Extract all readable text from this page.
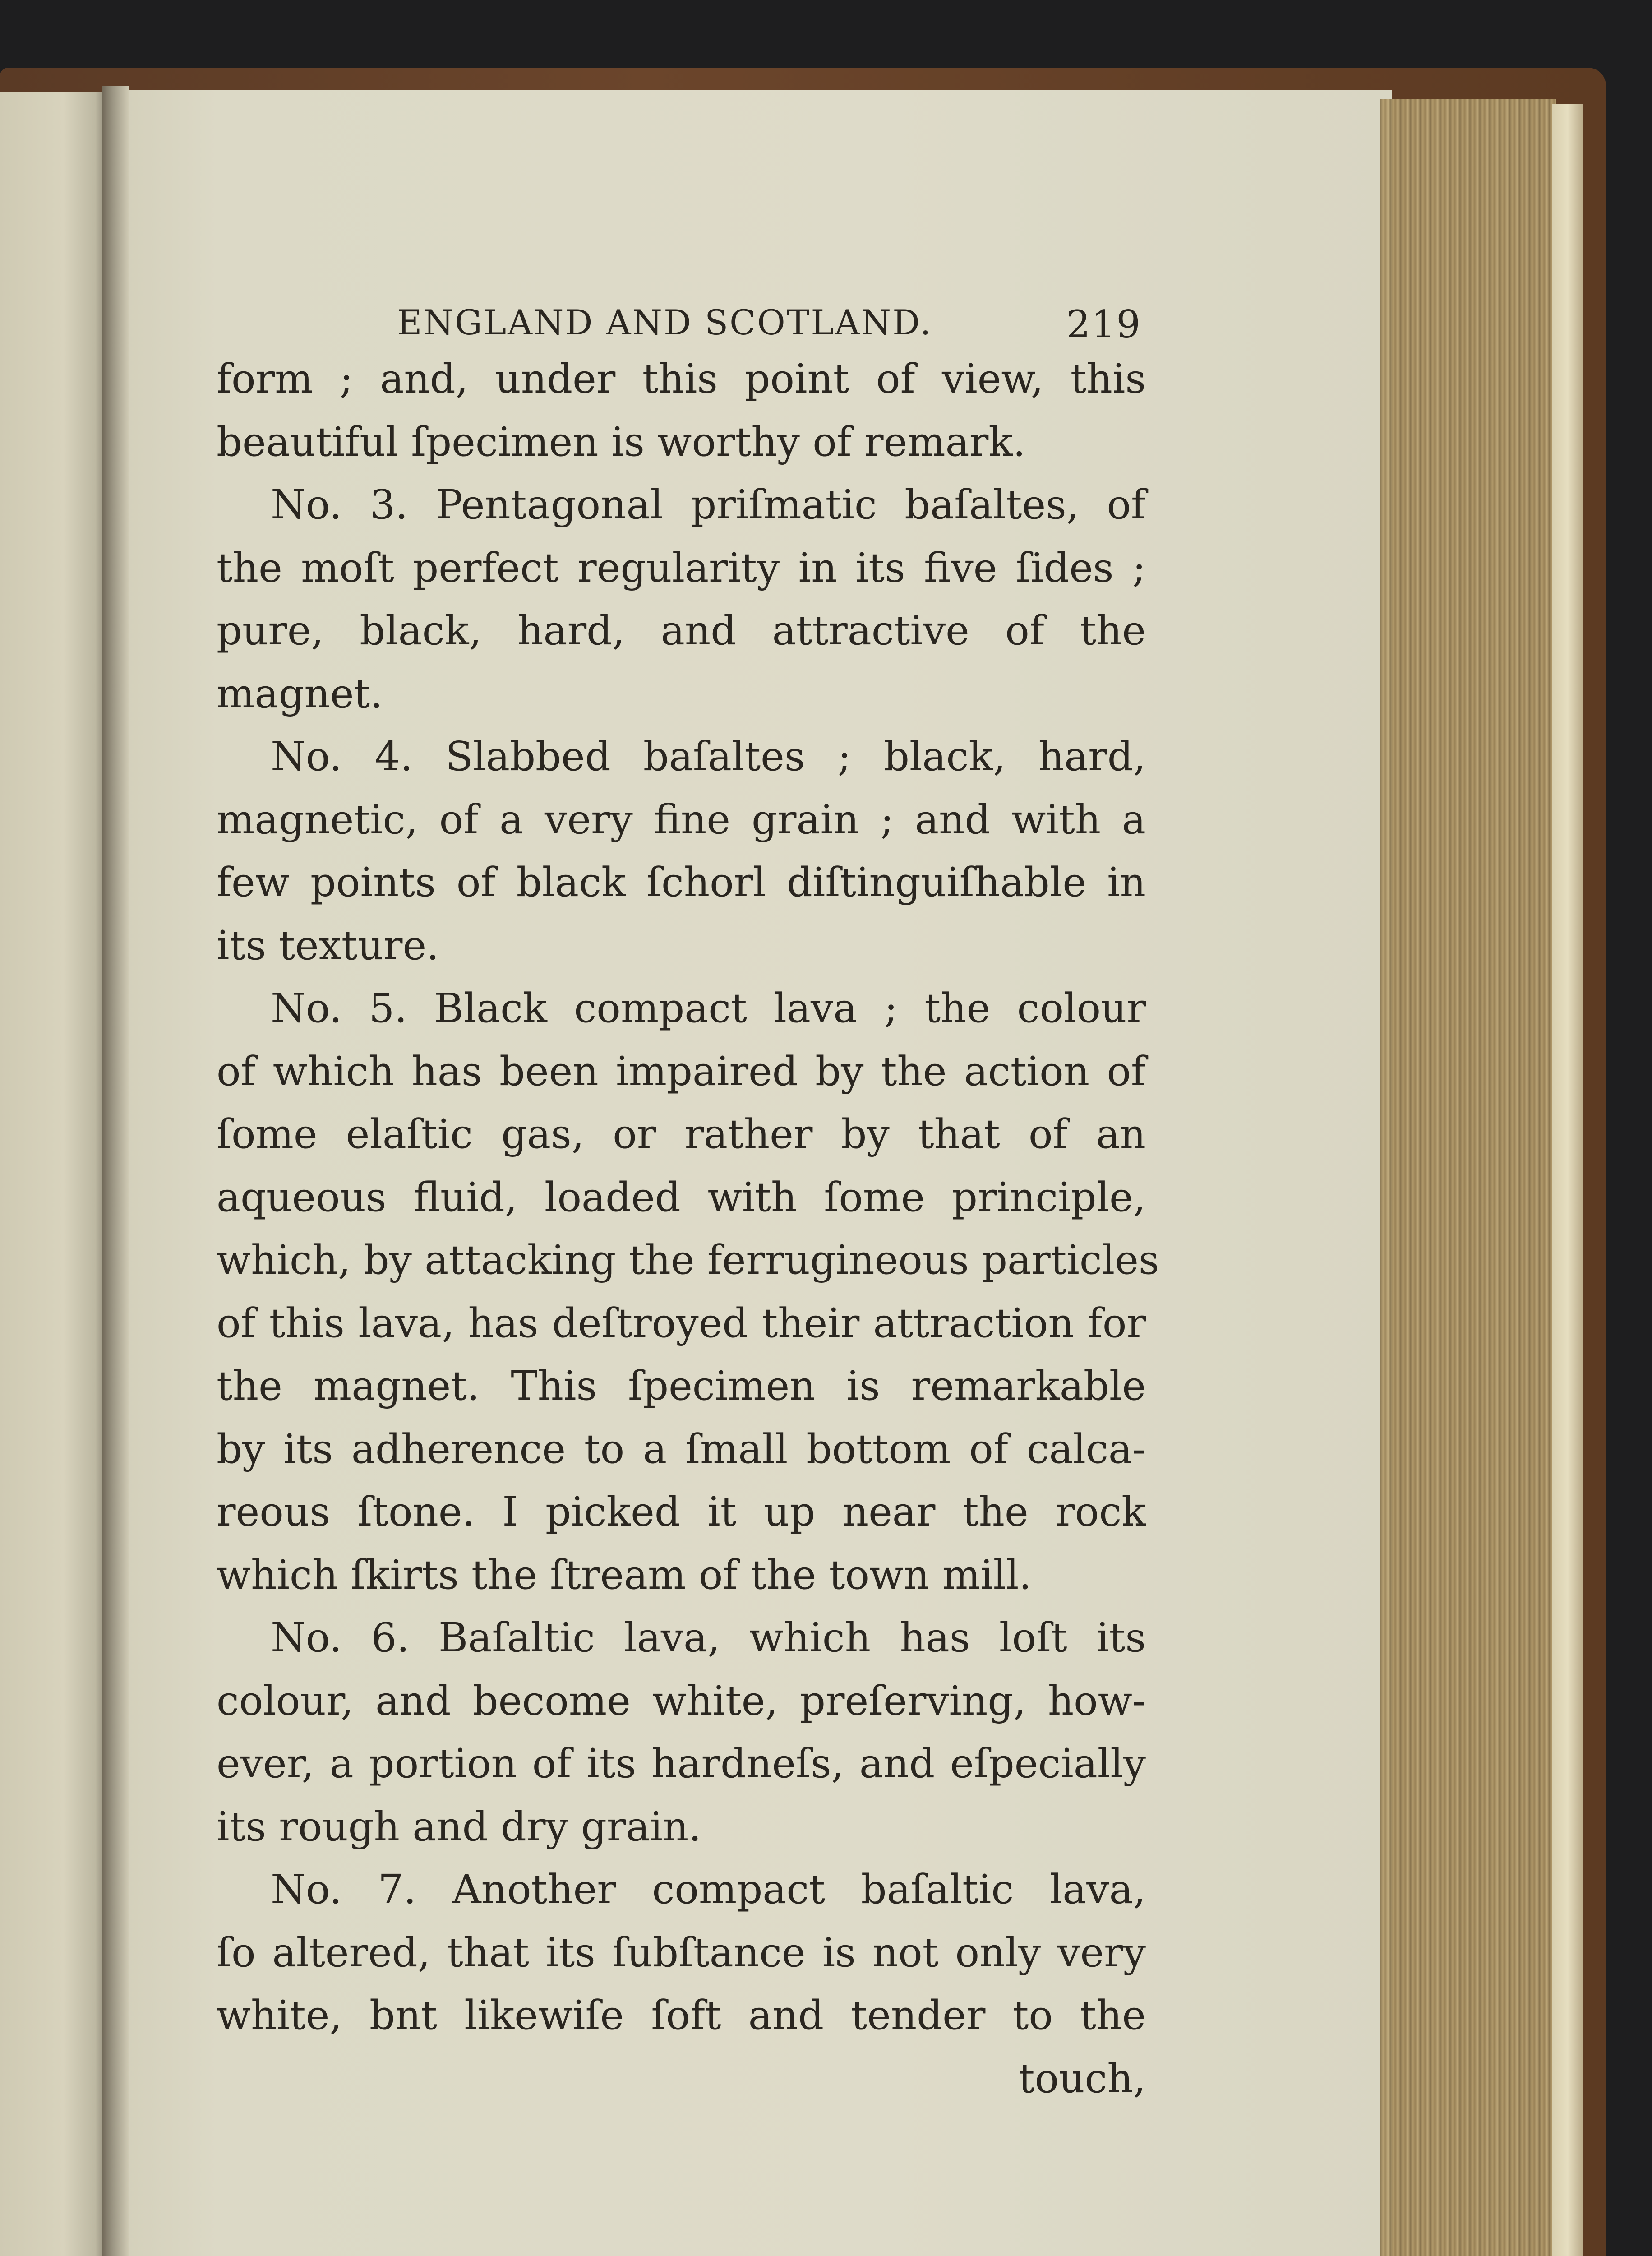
ENGLAND AND SCOTLAND.	219
form ; and, under this point of view, this
beautiful ſpecimen is worthy of remark.
No. 3. Pentagonal priſmatic baſaltes, of
the moſt perfect regularity in its five ſides ;
pure, black, hard, and attractive of the
magnet.
No. 4. Slabbed baſaltes ; black, hard,
magnetic, of a very fine grain ; and with a
few points of black ſchorl diſtinguiſhable in
its texture.
No. 5. Black compact lava ; the colour
of which has been impaired by the action of
ſome elaſtic gas, or rather by that of an
aqueous fluid, loaded with ſome principle,
which, by attacking the ferrugineous particles
of this lava, has deſtroyed their attraction for
the magnet. This ſpecimen is remarkable
by its adherence to a ſmall bottom of calca-
reous ſtone. I picked it up near the rock
which ſkirts the ſtream of the town mill.
No. 6. Baſaltic lava, which has loſt its
colour, and become white, preſerving, how-
ever, a portion of its hardneſs, and eſpecially
its rough and dry grain.
No. 7. Another compact baſaltic lava,
ſo altered, that its ſubſtance is not only very
white, bnt likewiſe ſoft and tender to the
touch,
